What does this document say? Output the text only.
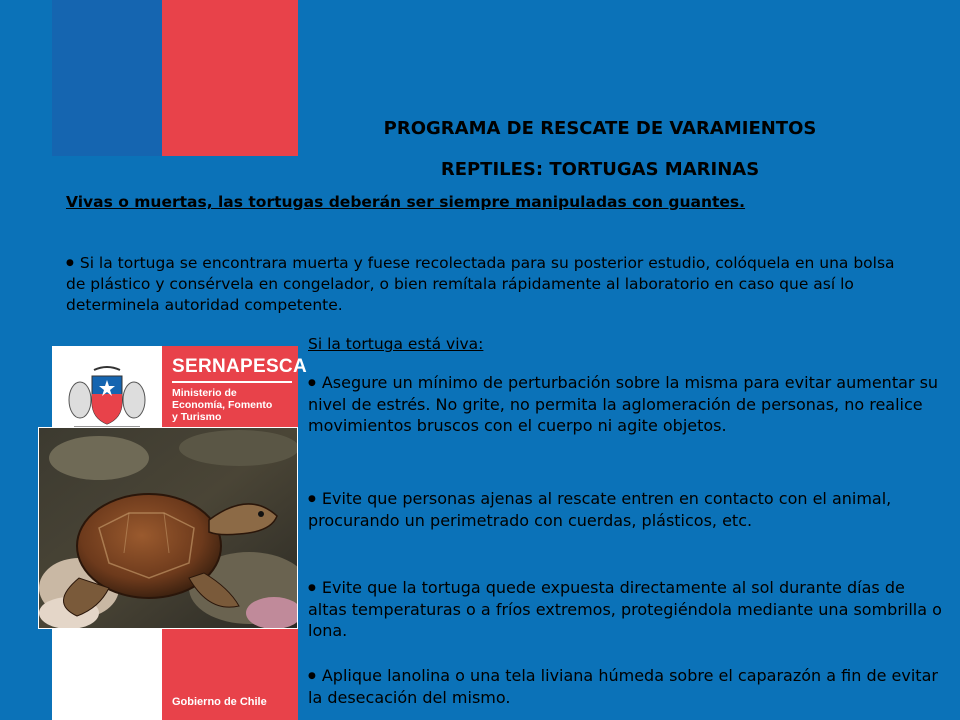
PROGRAMA DE RESCATE DE VARAMIENTOS
REPTILES: TORTUGAS MARINAS
Vivas o muertas, las tortugas deberán ser siempre manipuladas con guantes.
● Si la tortuga se encontrara muerta y fuese recolectada para su posterior estudio, colóquela en una bolsa de plástico y consérvela en congelador, o bien remítala rápidamente al laboratorio en caso que así lo determinela autoridad competente.
SERNAPESCA
Ministerio de
Economía, Fomento
y Turismo
Gobierno de Chile
Si la tortuga está viva:
● Asegure un mínimo de perturbación sobre la misma para evitar aumentar su nivel de estrés. No grite, no permita la aglomeración de personas, no realice movimientos bruscos con el cuerpo ni agite objetos.
● Evite que personas ajenas al rescate entren en contacto con el animal, procurando un perimetrado con cuerdas, plásticos, etc.
● Evite que la tortuga quede expuesta directamente al sol durante días de altas temperaturas o a fríos extremos, protegiéndola mediante una sombrilla o lona.
● Aplique lanolina o una tela liviana húmeda sobre el caparazón a fin de evitar la desecación del mismo.
